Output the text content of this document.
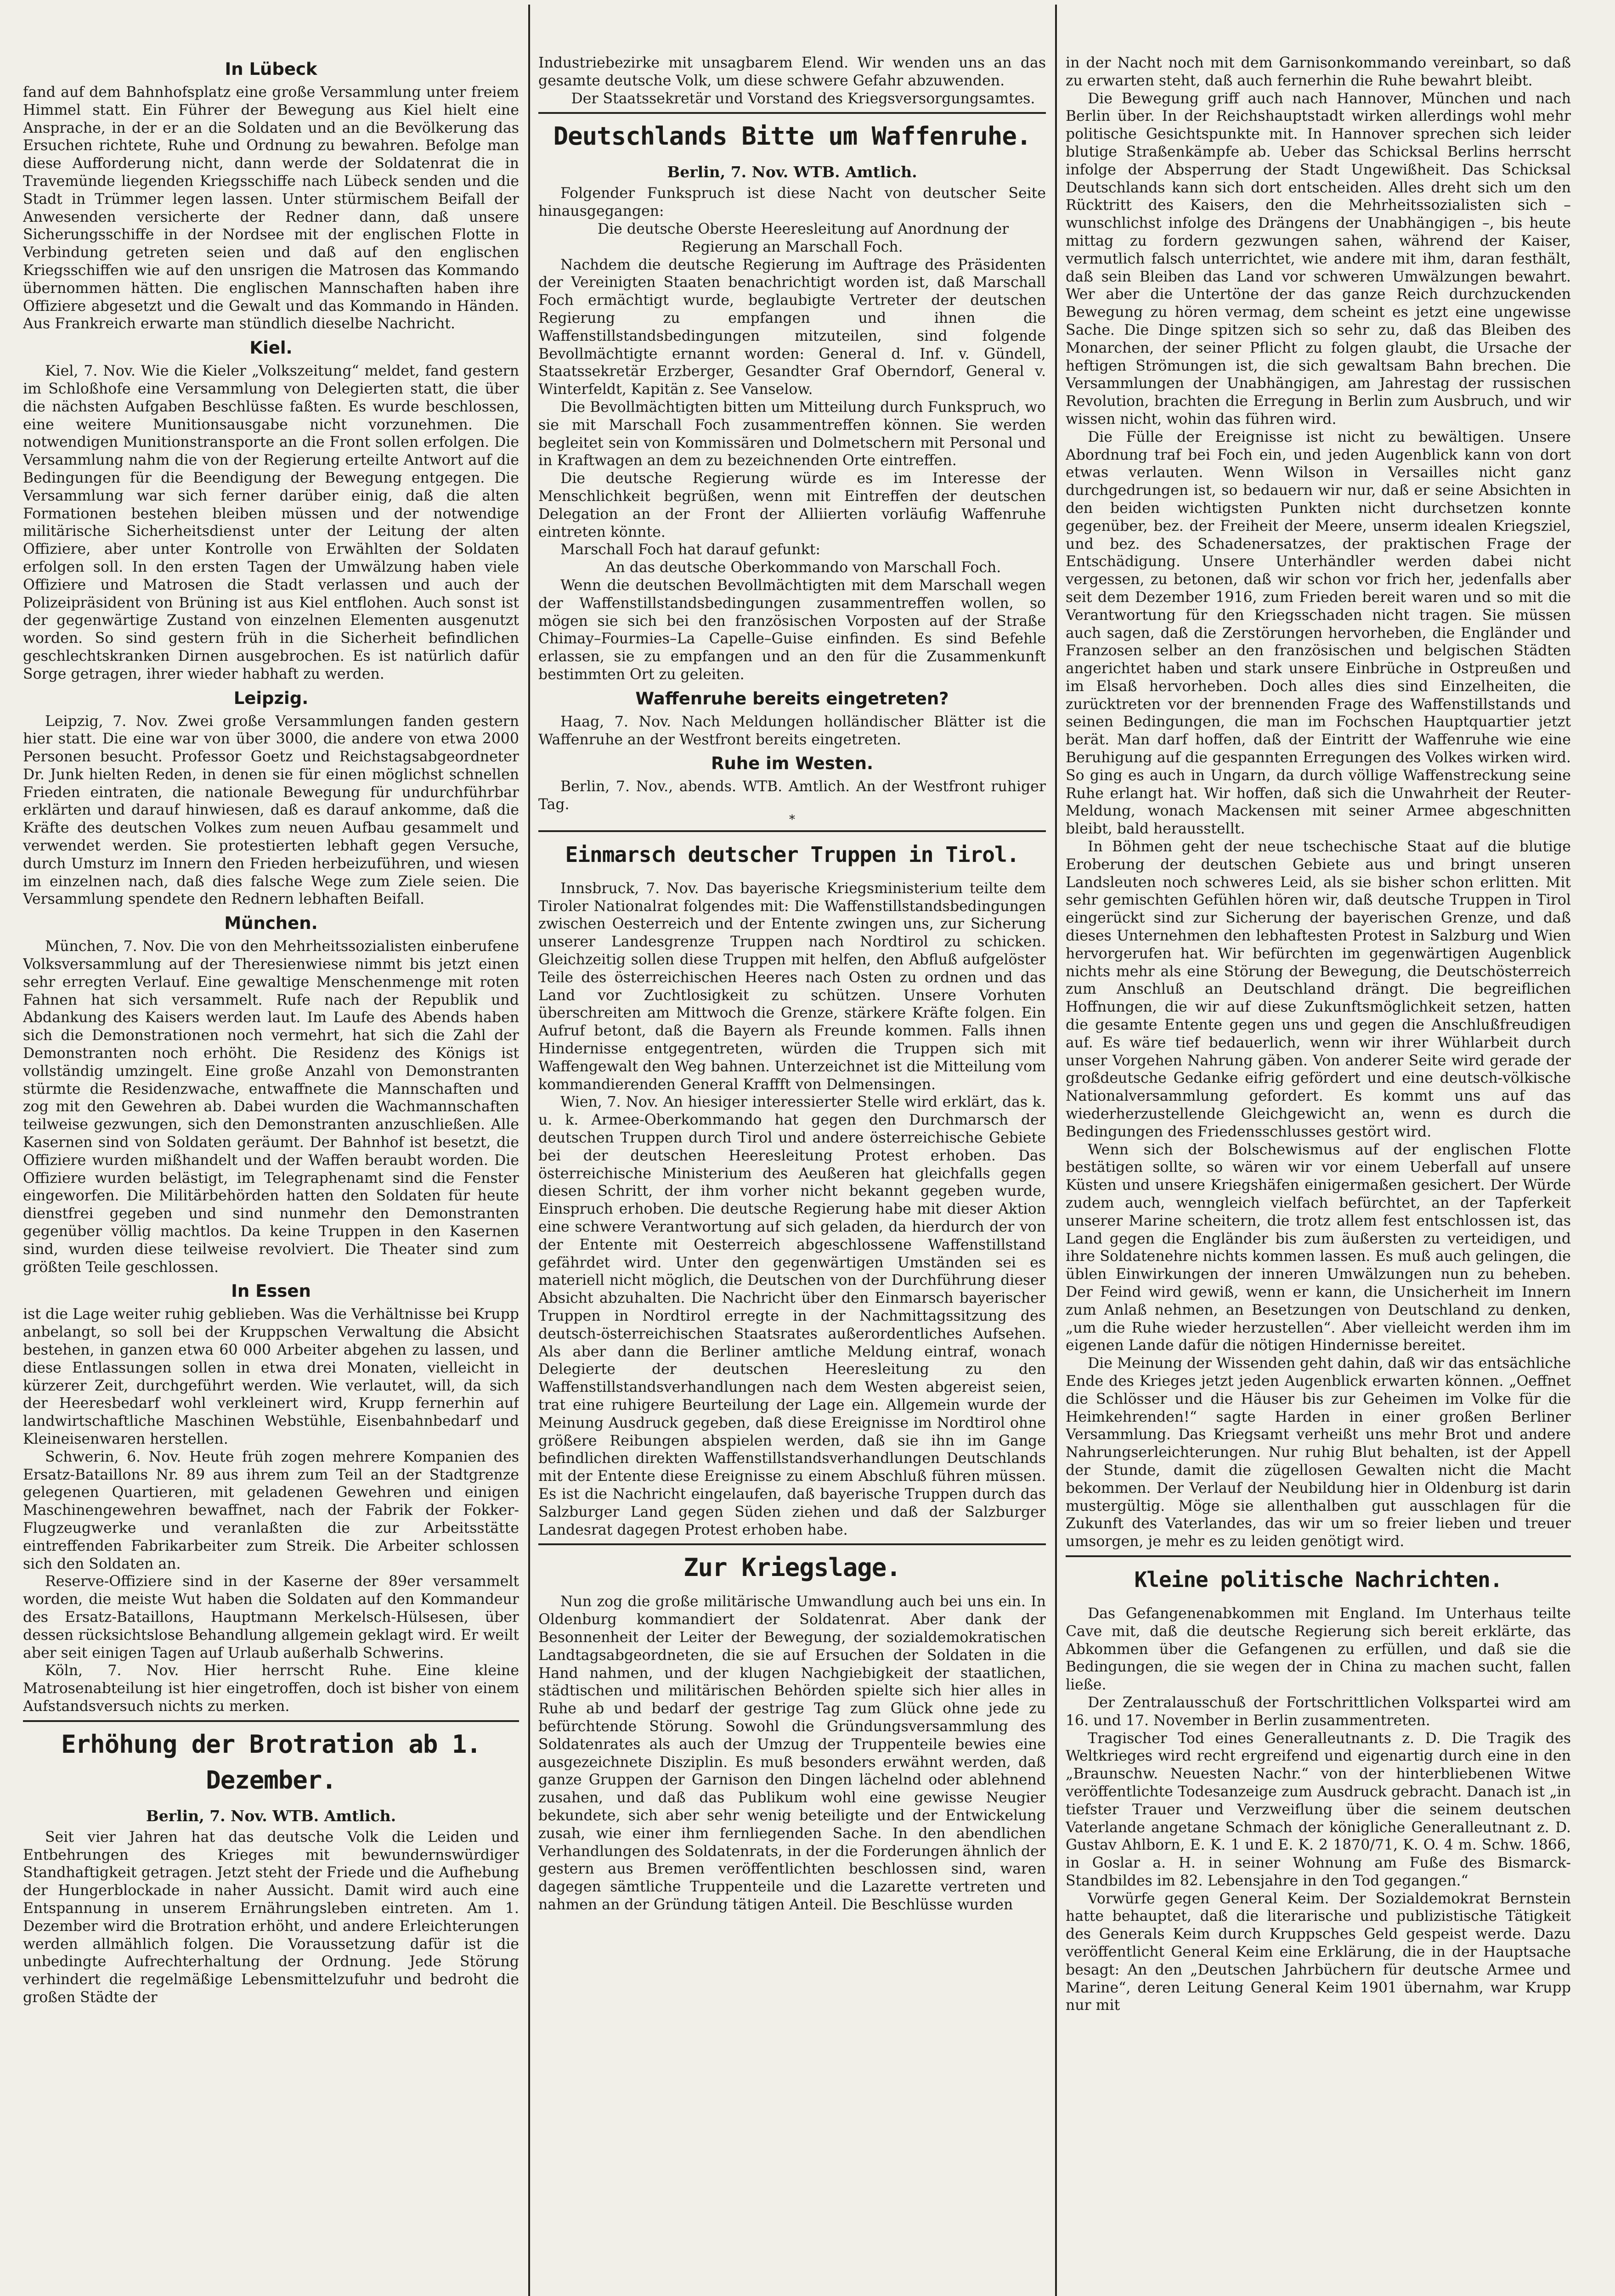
In Lübeck

fand auf dem Bahnhofsplatz eine große Versammlung unter freiem Himmel statt. Ein Führer der Bewegung aus Kiel hielt eine Ansprache, in der er an die Soldaten und an die Bevölkerung das Ersuchen richtete, Ruhe und Ordnung zu bewahren. Befolge man diese Aufforderung nicht, dann werde der Soldatenrat die in Travemünde liegenden Kriegsschiffe nach Lübeck senden und die Stadt in Trümmer legen lassen. Unter stürmischem Beifall der Anwesenden versicherte der Redner dann, daß unsere Sicherungsschiffe in der Nordsee mit der englischen Flotte in Verbindung getreten seien und daß auf den englischen Kriegsschiffen wie auf den unsrigen die Matrosen das Kommando übernommen hätten. Die englischen Mannschaften haben ihre Offiziere abgesetzt und die Gewalt und das Kommando in Händen. Aus Frankreich erwarte man stündlich dieselbe Nachricht.

Kiel.

Kiel, 7. Nov. Wie die Kieler „Volkszeitung“ meldet, fand gestern im Schloßhofe eine Versammlung von Delegierten statt, die über die nächsten Aufgaben Beschlüsse faßten. Es wurde beschlossen, eine weitere Munitionsausgabe nicht vorzunehmen. Die notwendigen Munitionstransporte an die Front sollen erfolgen. Die Versammlung nahm die von der Regierung erteilte Antwort auf die Bedingungen für die Beendigung der Bewegung entgegen. Die Versammlung war sich ferner darüber einig, daß die alten Formationen bestehen bleiben müssen und der notwendige militärische Sicherheitsdienst unter der Leitung der alten Offiziere, aber unter Kontrolle von Erwählten der Soldaten erfolgen soll. In den ersten Tagen der Umwälzung haben viele Offiziere und Matrosen die Stadt verlassen und auch der Polizeipräsident von Brüning ist aus Kiel entflohen. Auch sonst ist der gegenwärtige Zustand von einzelnen Elementen ausgenutzt worden. So sind gestern früh in die Sicherheit befindlichen geschlechtskranken Dirnen ausgebrochen. Es ist natürlich dafür Sorge getragen, ihrer wieder habhaft zu werden.

Leipzig.

Leipzig, 7. Nov. Zwei große Versammlungen fanden gestern hier statt. Die eine war von über 3000, die andere von etwa 2000 Personen besucht. Professor Goetz und Reichstagsabgeordneter Dr. Junk hielten Reden, in denen sie für einen möglichst schnellen Frieden eintraten, die nationale Bewegung für undurchführbar erklärten und darauf hinwiesen, daß es darauf ankomme, daß die Kräfte des deutschen Volkes zum neuen Aufbau gesammelt und verwendet werden. Sie protestierten lebhaft gegen Versuche, durch Umsturz im Innern den Frieden herbeizuführen, und wiesen im einzelnen nach, daß dies falsche Wege zum Ziele seien. Die Versammlung spendete den Rednern lebhaften Beifall.

München.

München, 7. Nov. Die von den Mehrheitssozialisten einberufene Volksversammlung auf der Theresienwiese nimmt bis jetzt einen sehr erregten Verlauf. Eine gewaltige Menschenmenge mit roten Fahnen hat sich versammelt. Rufe nach der Republik und Abdankung des Kaisers werden laut. Im Laufe des Abends haben sich die Demonstrationen noch vermehrt, hat sich die Zahl der Demonstranten noch erhöht. Die Residenz des Königs ist vollständig umzingelt. Eine große Anzahl von Demonstranten stürmte die Residenzwache, entwaffnete die Mannschaften und zog mit den Gewehren ab. Dabei wurden die Wachmannschaften teilweise gezwungen, sich den Demonstranten anzuschließen. Alle Kasernen sind von Soldaten geräumt. Der Bahnhof ist besetzt, die Offiziere wurden mißhandelt und der Waffen beraubt worden. Die Offiziere wurden belästigt, im Telegraphenamt sind die Fenster eingeworfen. Die Militärbehörden hatten den Soldaten für heute dienstfrei gegeben und sind nunmehr den Demonstranten gegenüber völlig machtlos. Da keine Truppen in den Kasernen sind, wurden diese teilweise revolviert. Die Theater sind zum größten Teile geschlossen.

In Essen

ist die Lage weiter ruhig geblieben. Was die Verhältnisse bei Krupp anbelangt, so soll bei der Kruppschen Verwaltung die Absicht bestehen, in ganzen etwa 60 000 Arbeiter abgehen zu lassen, und diese Entlassungen sollen in etwa drei Monaten, vielleicht in kürzerer Zeit, durchgeführt werden. Wie verlautet, will, da sich der Heeresbedarf wohl verkleinert wird, Krupp fernerhin auf landwirtschaftliche Maschinen Webstühle, Eisenbahnbedarf und Kleineisenwaren herstellen.

Schwerin, 6. Nov. Heute früh zogen mehrere Kompanien des Ersatz-Bataillons Nr. 89 aus ihrem zum Teil an der Stadtgrenze gelegenen Quartieren, mit geladenen Gewehren und einigen Maschinengewehren bewaffnet, nach der Fabrik der Fokker-Flugzeugwerke und veranlaßten die zur Arbeitsstätte eintreffenden Fabrikarbeiter zum Streik. Die Arbeiter schlossen sich den Soldaten an.

Reserve-Offiziere sind in der Kaserne der 89er versammelt worden, die meiste Wut haben die Soldaten auf den Kommandeur des Ersatz-Bataillons, Hauptmann Merkelsch-Hülsesen, über dessen rücksichtslose Behandlung allgemein geklagt wird. Er weilt aber seit einigen Tagen auf Urlaub außerhalb Schwerins.

Köln, 7. Nov. Hier herrscht Ruhe. Eine kleine Matrosenabteilung ist hier eingetroffen, doch ist bisher von einem Aufstandsversuch nichts zu merken.

Erhöhung der Brotration ab 1. Dezember.
Berlin, 7. Nov. WTB. Amtlich.

Seit vier Jahren hat das deutsche Volk die Leiden und Entbehrungen des Krieges mit bewundernswürdiger Standhaftigkeit getragen. Jetzt steht der Friede und die Aufhebung der Hungerblockade in naher Aussicht. Damit wird auch eine Entspannung in unserem Ernährungsleben eintreten. Am 1. Dezember wird die Brotration erhöht, und andere Erleichterungen werden allmählich folgen. Die Voraussetzung dafür ist die unbedingte Aufrechterhaltung der Ordnung. Jede Störung verhindert die regelmäßige Lebensmittelzufuhr und bedroht die großen Städte der

Industriebezirke mit unsagbarem Elend. Wir wenden uns an das gesamte deutsche Volk, um diese schwere Gefahr abzuwenden.

Der Staatssekretär und Vorstand des Kriegsversorgungsamtes.

Deutschlands Bitte um Waffenruhe.
Berlin, 7. Nov. WTB. Amtlich.

Folgender Funkspruch ist diese Nacht von deutscher Seite hinausgegangen:

Die deutsche Oberste Heeresleitung auf Anordnung der Regierung an Marschall Foch.

Nachdem die deutsche Regierung im Auftrage des Präsidenten der Vereinigten Staaten benachrichtigt worden ist, daß Marschall Foch ermächtigt wurde, beglaubigte Vertreter der deutschen Regierung zu empfangen und ihnen die Waffenstillstandsbedingungen mitzuteilen, sind folgende Bevollmächtigte ernannt worden: General d. Inf. v. Gündell, Staatssekretär Erzberger, Gesandter Graf Oberndorf, General v. Winterfeldt, Kapitän z. See Vanselow.

Die Bevollmächtigten bitten um Mitteilung durch Funkspruch, wo sie mit Marschall Foch zusammentreffen können. Sie werden begleitet sein von Kommissären und Dolmetschern mit Personal und in Kraftwagen an dem zu bezeichnenden Orte eintreffen.

Die deutsche Regierung würde es im Interesse der Menschlichkeit begrüßen, wenn mit Eintreffen der deutschen Delegation an der Front der Alliierten vorläufig Waffenruhe eintreten könnte.

Marschall Foch hat darauf gefunkt:

An das deutsche Oberkommando von Marschall Foch.

Wenn die deutschen Bevollmächtigten mit dem Marschall wegen der Waffenstillstandsbedingungen zusammentreffen wollen, so mögen sie sich bei den französischen Vorposten auf der Straße Chimay–Fourmies–La Capelle–Guise einfinden. Es sind Befehle erlassen, sie zu empfangen und an den für die Zusammenkunft bestimmten Ort zu geleiten.

Waffenruhe bereits eingetreten?

Haag, 7. Nov. Nach Meldungen holländischer Blätter ist die Waffenruhe an der Westfront bereits eingetreten.

Ruhe im Westen.

Berlin, 7. Nov., abends. WTB. Amtlich. An der Westfront ruhiger Tag.

*
Einmarsch deutscher Truppen in Tirol.

Innsbruck, 7. Nov. Das bayerische Kriegsministerium teilte dem Tiroler Nationalrat folgendes mit: Die Waffenstillstandsbedingungen zwischen Oesterreich und der Entente zwingen uns, zur Sicherung unserer Landesgrenze Truppen nach Nordtirol zu schicken. Gleichzeitig sollen diese Truppen mit helfen, den Abfluß aufgelöster Teile des österreichischen Heeres nach Osten zu ordnen und das Land vor Zuchtlosigkeit zu schützen. Unsere Vorhuten überschreiten am Mittwoch die Grenze, stärkere Kräfte folgen. Ein Aufruf betont, daß die Bayern als Freunde kommen. Falls ihnen Hindernisse entgegentreten, würden die Truppen sich mit Waffengewalt den Weg bahnen. Unterzeichnet ist die Mitteilung vom kommandierenden General Kraffft von Delmensingen.

Wien, 7. Nov. An hiesiger interessierter Stelle wird erklärt, das k. u. k. Armee-Oberkommando hat gegen den Durchmarsch der deutschen Truppen durch Tirol und andere österreichische Gebiete bei der deutschen Heeresleitung Protest erhoben. Das österreichische Ministerium des Aeußeren hat gleichfalls gegen diesen Schritt, der ihm vorher nicht bekannt gegeben wurde, Einspruch erhoben. Die deutsche Regierung habe mit dieser Aktion eine schwere Verantwortung auf sich geladen, da hierdurch der von der Entente mit Oesterreich abgeschlossene Waffenstillstand gefährdet wird. Unter den gegenwärtigen Umständen sei es materiell nicht möglich, die Deutschen von der Durchführung dieser Absicht abzuhalten. Die Nachricht über den Einmarsch bayerischer Truppen in Nordtirol erregte in der Nachmittagssitzung des deutsch-österreichischen Staatsrates außerordentliches Aufsehen. Als aber dann die Berliner amtliche Meldung eintraf, wonach Delegierte der deutschen Heeresleitung zu den Waffenstillstandsverhandlungen nach dem Westen abgereist seien, trat eine ruhigere Beurteilung der Lage ein. Allgemein wurde der Meinung Ausdruck gegeben, daß diese Ereignisse im Nordtirol ohne größere Reibungen abspielen werden, daß sie ihn im Gange befindlichen direkten Waffenstillstandsverhandlungen Deutschlands mit der Entente diese Ereignisse zu einem Abschluß führen müssen. Es ist die Nachricht eingelaufen, daß bayerische Truppen durch das Salzburger Land gegen Süden ziehen und daß der Salzburger Landesrat dagegen Protest erhoben habe.

Zur Kriegslage.

Nun zog die große militärische Umwandlung auch bei uns ein. In Oldenburg kommandiert der Soldatenrat. Aber dank der Besonnenheit der Leiter der Bewegung, der sozialdemokratischen Landtagsabgeordneten, die sie auf Ersuchen der Soldaten in die Hand nahmen, und der klugen Nachgiebigkeit der staatlichen, städtischen und militärischen Behörden spielte sich hier alles in Ruhe ab und bedarf der gestrige Tag zum Glück ohne jede zu befürchtende Störung. Sowohl die Gründungsversammlung des Soldatenrates als auch der Umzug der Truppenteile bewies eine ausgezeichnete Disziplin. Es muß besonders erwähnt werden, daß ganze Gruppen der Garnison den Dingen lächelnd oder ablehnend zusahen, und daß das Publikum wohl eine gewisse Neugier bekundete, sich aber sehr wenig beteiligte und der Entwickelung zusah, wie einer ihm fernliegenden Sache. In den abendlichen Verhandlungen des Soldatenrats, in der die Forderungen ähnlich der gestern aus Bremen veröffentlichten beschlossen sind, waren dagegen sämtliche Truppenteile und die Lazarette vertreten und nahmen an der Gründung tätigen Anteil. Die Beschlüsse wurden

in der Nacht noch mit dem Garnisonkommando vereinbart, so daß zu erwarten steht, daß auch fernerhin die Ruhe bewahrt bleibt.

Die Bewegung griff auch nach Hannover, München und nach Berlin über. In der Reichshauptstadt wirken allerdings wohl mehr politische Gesichtspunkte mit. In Hannover sprechen sich leider blutige Straßenkämpfe ab. Ueber das Schicksal Berlins herrscht infolge der Absperrung der Stadt Ungewißheit. Das Schicksal Deutschlands kann sich dort entscheiden. Alles dreht sich um den Rücktritt des Kaisers, den die Mehrheitssozialisten sich – wunschlichst infolge des Drängens der Unabhängigen –, bis heute mittag zu fordern gezwungen sahen, während der Kaiser, vermutlich falsch unterrichtet, wie andere mit ihm, daran festhält, daß sein Bleiben das Land vor schweren Umwälzungen bewahrt. Wer aber die Untertöne der das ganze Reich durchzuckenden Bewegung zu hören vermag, dem scheint es jetzt eine ungewisse Sache. Die Dinge spitzen sich so sehr zu, daß das Bleiben des Monarchen, der seiner Pflicht zu folgen glaubt, die Ursache der heftigen Strömungen ist, die sich gewaltsam Bahn brechen. Die Versammlungen der Unabhängigen, am Jahrestag der russischen Revolution, brachten die Erregung in Berlin zum Ausbruch, und wir wissen nicht, wohin das führen wird.

Die Fülle der Ereignisse ist nicht zu bewältigen. Unsere Abordnung traf bei Foch ein, und jeden Augenblick kann von dort etwas verlauten. Wenn Wilson in Versailles nicht ganz durchgedrungen ist, so bedauern wir nur, daß er seine Absichten in den beiden wichtigsten Punkten nicht durchsetzen konnte gegenüber, bez. der Freiheit der Meere, unserm idealen Kriegsziel, und bez. des Schadenersatzes, der praktischen Frage der Entschädigung. Unsere Unterhändler werden dabei nicht vergessen, zu betonen, daß wir schon vor frich her, jedenfalls aber seit dem Dezember 1916, zum Frieden bereit waren und so mit die Verantwortung für den Kriegsschaden nicht tragen. Sie müssen auch sagen, daß die Zerstörungen hervorheben, die Engländer und Franzosen selber an den französischen und belgischen Städten angerichtet haben und stark unsere Einbrüche in Ostpreußen und im Elsaß hervorheben. Doch alles dies sind Einzelheiten, die zurücktreten vor der brennenden Frage des Waffenstillstands und seinen Bedingungen, die man im Fochschen Hauptquartier jetzt berät. Man darf hoffen, daß der Eintritt der Waffenruhe wie eine Beruhigung auf die gespannten Erregungen des Volkes wirken wird. So ging es auch in Ungarn, da durch völlige Waffenstreckung seine Ruhe erlangt hat. Wir hoffen, daß sich die Unwahrheit der Reuter-Meldung, wonach Mackensen mit seiner Armee abgeschnitten bleibt, bald herausstellt.

In Böhmen geht der neue tschechische Staat auf die blutige Eroberung der deutschen Gebiete aus und bringt unseren Landsleuten noch schweres Leid, als sie bisher schon erlitten. Mit sehr gemischten Gefühlen hören wir, daß deutsche Truppen in Tirol eingerückt sind zur Sicherung der bayerischen Grenze, und daß dieses Unternehmen den lebhaftesten Protest in Salzburg und Wien hervorgerufen hat. Wir befürchten im gegenwärtigen Augenblick nichts mehr als eine Störung der Bewegung, die Deutschösterreich zum Anschluß an Deutschland drängt. Die begreiflichen Hoffnungen, die wir auf diese Zukunftsmöglichkeit setzen, hatten die gesamte Entente gegen uns und gegen die Anschlußfreudigen auf. Es wäre tief bedauerlich, wenn wir ihrer Wühlarbeit durch unser Vorgehen Nahrung gäben. Von anderer Seite wird gerade der großdeutsche Gedanke eifrig gefördert und eine deutsch-völkische Nationalversammlung gefordert. Es kommt uns auf das wiederherzustellende Gleichgewicht an, wenn es durch die Bedingungen des Friedensschlusses gestört wird.

Wenn sich der Bolschewismus auf der englischen Flotte bestätigen sollte, so wären wir vor einem Ueberfall auf unsere Küsten und unsere Kriegshäfen einigermaßen gesichert. Der Würde zudem auch, wenngleich vielfach befürchtet, an der Tapferkeit unserer Marine scheitern, die trotz allem fest entschlossen ist, das Land gegen die Engländer bis zum äußersten zu verteidigen, und ihre Soldatenehre nichts kommen lassen. Es muß auch gelingen, die üblen Einwirkungen der inneren Umwälzungen nun zu beheben. Der Feind wird gewiß, wenn er kann, die Unsicherheit im Innern zum Anlaß nehmen, an Besetzungen von Deutschland zu denken, „um die Ruhe wieder herzustellen“. Aber vielleicht werden ihm im eigenen Lande dafür die nötigen Hindernisse bereitet.

Die Meinung der Wissenden geht dahin, daß wir das entsächliche Ende des Krieges jetzt jeden Augenblick erwarten können. „Oeffnet die Schlösser und die Häuser bis zur Geheimen im Volke für die Heimkehrenden!“ sagte Harden in einer großen Berliner Versammlung. Das Kriegsamt verheißt uns mehr Brot und andere Nahrungserleichterungen. Nur ruhig Blut behalten, ist der Appell der Stunde, damit die zügellosen Gewalten nicht die Macht bekommen. Der Verlauf der Neubildung hier in Oldenburg ist darin mustergültig. Möge sie allenthalben gut ausschlagen für die Zukunft des Vaterlandes, das wir um so freier lieben und treuer umsorgen, je mehr es zu leiden genötigt wird.

Kleine politische Nachrichten.

Das Gefangenenabkommen mit England. Im Unterhaus teilte Cave mit, daß die deutsche Regierung sich bereit erklärte, das Abkommen über die Gefangenen zu erfüllen, und daß sie die Bedingungen, die sie wegen der in China zu machen sucht, fallen ließe.

Der Zentralausschuß der Fortschrittlichen Volkspartei wird am 16. und 17. November in Berlin zusammentreten.

Tragischer Tod eines Generalleutnants z. D. Die Tragik des Weltkrieges wird recht ergreifend und eigenartig durch eine in den „Braunschw. Neuesten Nachr.“ von der hinterbliebenen Witwe veröffentlichte Todesanzeige zum Ausdruck gebracht. Danach ist „in tiefster Trauer und Verzweiflung über die seinem deutschen Vaterlande angetane Schmach der königliche Generalleutnant z. D. Gustav Ahlborn, E. K. 1 und E. K. 2 1870/71, K. O. 4 m. Schw. 1866, in Goslar a. H. in seiner Wohnung am Fuße des Bismarck-Standbildes im 82. Lebensjahre in den Tod gegangen.“

Vorwürfe gegen General Keim. Der Sozialdemokrat Bernstein hatte behauptet, daß die literarische und publizistische Tätigkeit des Generals Keim durch Kruppsches Geld gespeist werde. Dazu veröffentlicht General Keim eine Erklärung, die in der Hauptsache besagt: An den „Deutschen Jahrbüchern für deutsche Armee und Marine“, deren Leitung General Keim 1901 übernahm, war Krupp nur mit
